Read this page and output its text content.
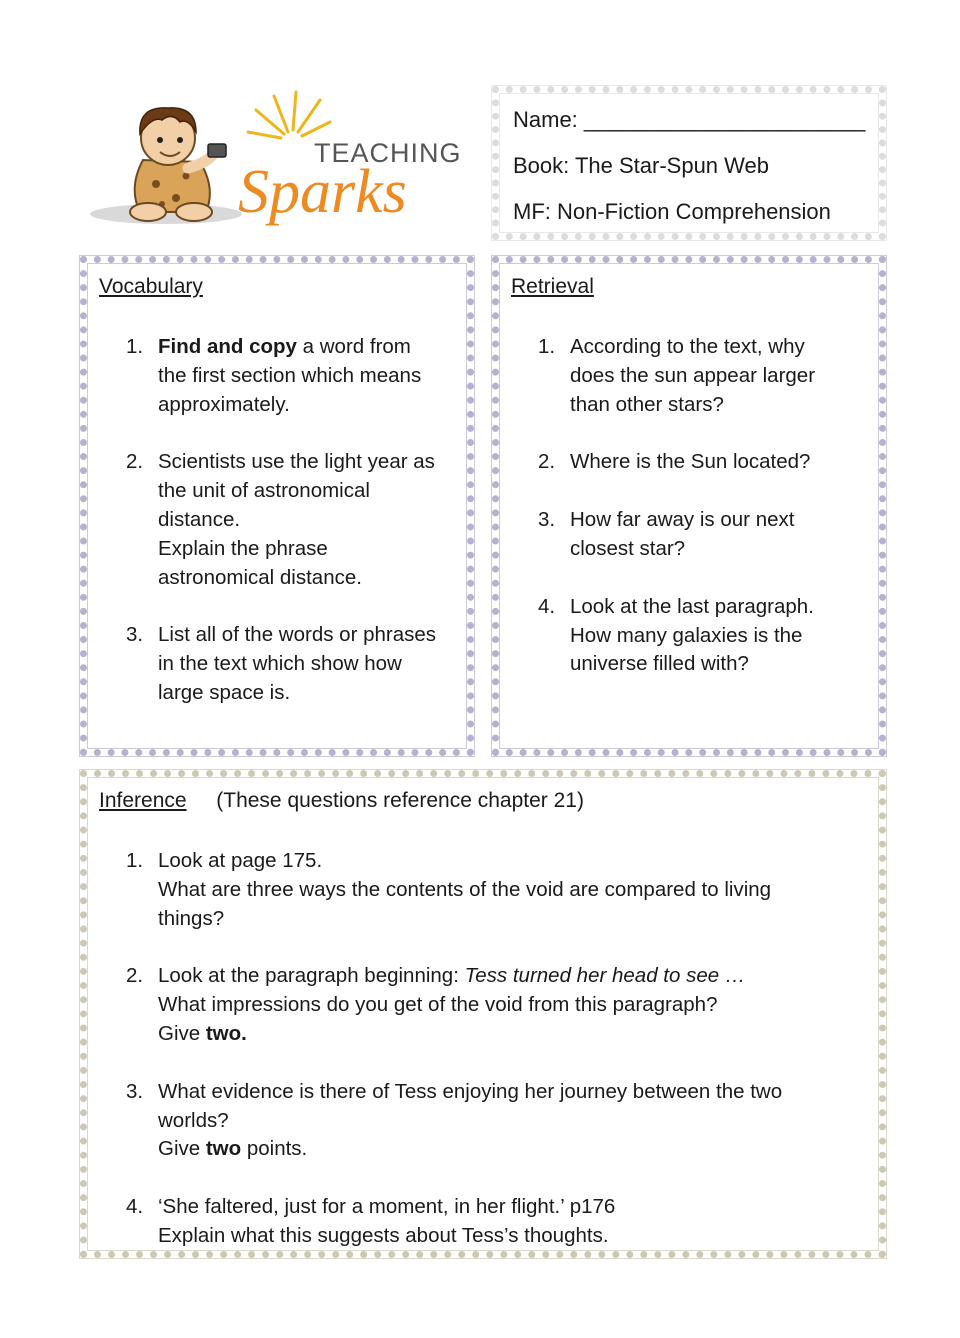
TEACHING
Sparks
Name: _______________________
Book: The Star-Spun Web
MF: Non-Fiction Comprehension
Vocabulary
1. Find and copy a word from
the first section which means
approximately.
2. Scientists use the light year as
the unit of astronomical
distance.
Explain the phrase
astronomical distance.
3. List all of the words or phrases
in the text which show how
large space is.
Retrieval
1. According to the text, why
does the sun appear larger
than other stars?
2. Where is the Sun located?
3. How far away is our next
closest star?
4. Look at the last paragraph.
How many galaxies is the
universe filled with?
Inference (These questions reference chapter 21)
1. Look at page 175.
What are three ways the contents of the void are compared to living
things?
2. Look at the paragraph beginning: Tess turned her head to see …
What impressions do you get of the void from this paragraph?
Give two.
3. What evidence is there of Tess enjoying her journey between the two
worlds?
Give two points.
4. ‘She faltered, just for a moment, in her flight.’ p176
Explain what this suggests about Tess’s thoughts.
